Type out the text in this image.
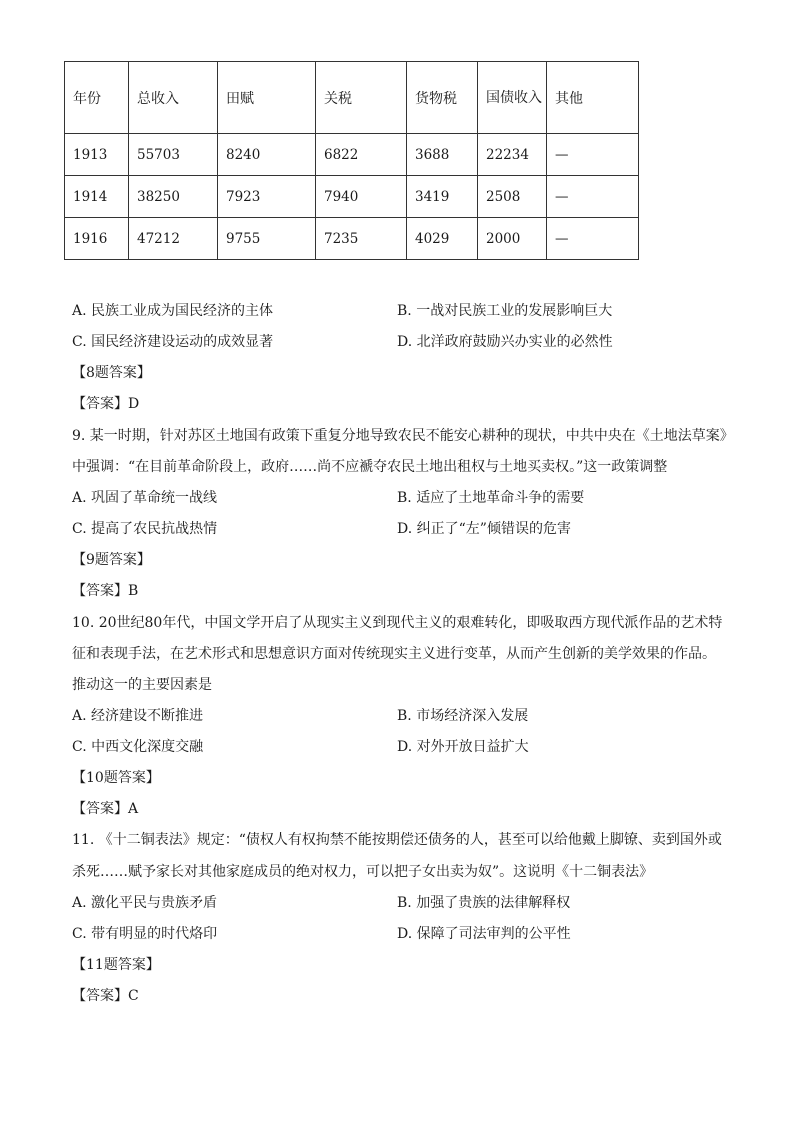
年份	总收入	田赋	关税	货物税	国债收入	其他
1913	55703	8240	6822	3688	22234	—
1914	38250	7923	7940	3419	2508	—
1916	47212	9755	7235	4029	2000	—
A. 民族工业成为国民经济的主体	B. 一战对民族工业的发展影响巨大
C. 国民经济建设运动的成效显著	D. 北洋政府鼓励兴办实业的必然性
【8题答案】
【答案】D
9. 某一时期，针对苏区土地国有政策下重复分地导致农民不能安心耕种的现状，中共中央在《土地法草案》
中强调：“在目前革命阶段上，政府……尚不应褫夺农民土地出租权与土地买卖权。”这一政策调整
A. 巩固了革命统一战线	B. 适应了土地革命斗争的需要
C. 提高了农民抗战热情	D. 纠正了“左”倾错误的危害
【9题答案】
【答案】B
10. 20世纪80年代，中国文学开启了从现实主义到现代主义的艰难转化，即吸取西方现代派作品的艺术特
征和表现手法，在艺术形式和思想意识方面对传统现实主义进行变革，从而产生创新的美学效果的作品。
推动这一的主要因素是
A. 经济建设不断推进	B. 市场经济深入发展
C. 中西文化深度交融	D. 对外开放日益扩大
【10题答案】
【答案】A
11. 《十二铜表法》规定：“债权人有权拘禁不能按期偿还债务的人，甚至可以给他戴上脚镣、卖到国外或
杀死……赋予家长对其他家庭成员的绝对权力，可以把子女出卖为奴”。这说明《十二铜表法》
A. 激化平民与贵族矛盾	B. 加强了贵族的法律解释权
C. 带有明显的时代烙印	D. 保障了司法审判的公平性
【11题答案】
【答案】C
